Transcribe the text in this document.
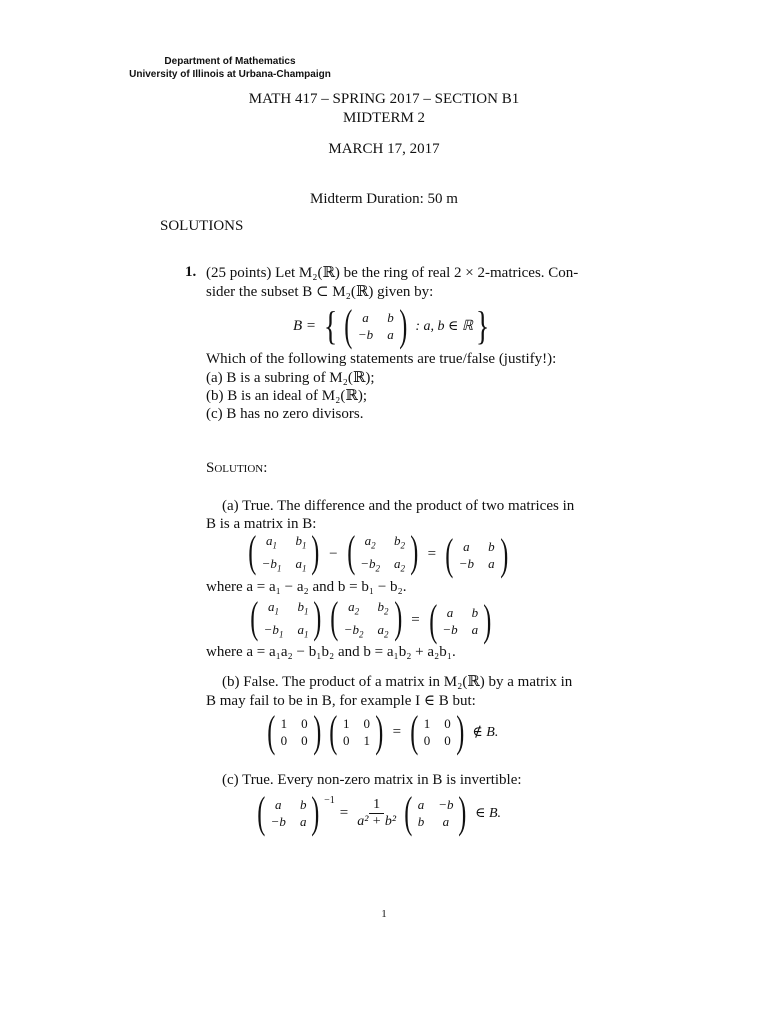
Department of Mathematics
University of Illinois at Urbana-Champaign
MATH 417 – SPRING 2017 – SECTION B1
MIDTERM 2
MARCH 17, 2017
Midterm Duration: 50 m
SOLUTIONS
1. (25 points) Let M₂(ℝ) be the ring of real 2 × 2-matrices. Con-
sider the subset B ⊂ M₂(ℝ) given by:
B = { ( a	b
−b a ) : a, b ∈ ℝ }
Which of the following statements are true/false (justify!):
(a) B is a subring of M₂(ℝ);
(b) B is an ideal of M₂(ℝ);
(c) B has no zero divisors.
Solution:
(a) True. The difference and the product of two matrices in
B is a matrix in B:
( $a_1$	$b_1$
$-b_1$ $a_1$ ) − ( $a_2$	$b_2$
$-b_2$ $a_2$ ) = ( a	b
−b a )
where a = a₁ − a₂ and b = b₁ − b₂.
( $a_1$	$b_1$
$-b_1$ $a_1$ ) ( $a_2$	$b_2$
$-b_2$ $a_2$ ) = ( a	b
−b a )
where a = a₁a₂ − b₁b₂ and b = a₁b₂ + a₂b₁.
(b) False. The product of a matrix in M₂(ℝ) by a matrix in
B may fail to be in B, for example I ∈ B but:
( 1 0
0 0 ) ( 1 0
0 1 ) = ( 1 0
0 0 ) ∉ B.
(c) True. Every non-zero matrix in B is invertible:
( a	b
−b a ) $^{-1}$
= $\frac{1}{\text{a² + b²}}$ ( a −b
b	a ) ∈ B.
1
